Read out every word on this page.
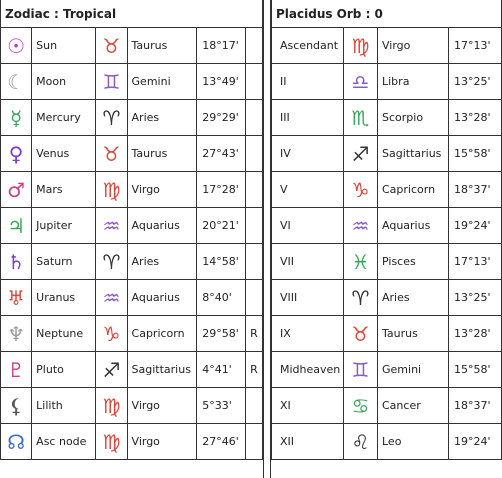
Zodiac : Tropical					
☉	Sun	♉	Taurus	18°17'	
☾	Moon	♊	Gemini	13°49'	
☿	Mercury	♈	Aries	29°29'	
♀	Venus	♉	Taurus	27°43'	
♂	Mars	♍	Virgo	17°28'	
♃	Jupiter	♒	Aquarius	20°21'	
♄	Saturn	♈	Aries	14°58'	
♅	Uranus	♒	Aquarius	8°40'	
♆	Neptune	♑	Capricorn	29°58'	R
♇	Pluto	♐	Sagittarius	4°41'	R
⚸	Lilith	♍	Virgo	5°33'	
☊	Asc node	♍	Virgo	27°46'	
Placidus Orb : 0			
Ascendant	♍	Virgo	17°13'
II	♎	Libra	13°25'
III	♏	Scorpio	13°28'
IV	♐	Sagittarius	15°58'
V	♑	Capricorn	18°37'
VI	♒	Aquarius	19°24'
VII	♓	Pisces	17°13'
VIII	♈	Aries	13°25'
IX	♉	Taurus	13°28'
Midheaven	♊	Gemini	15°58'
XI	♋	Cancer	18°37'
XII	♌	Leo	19°24'
